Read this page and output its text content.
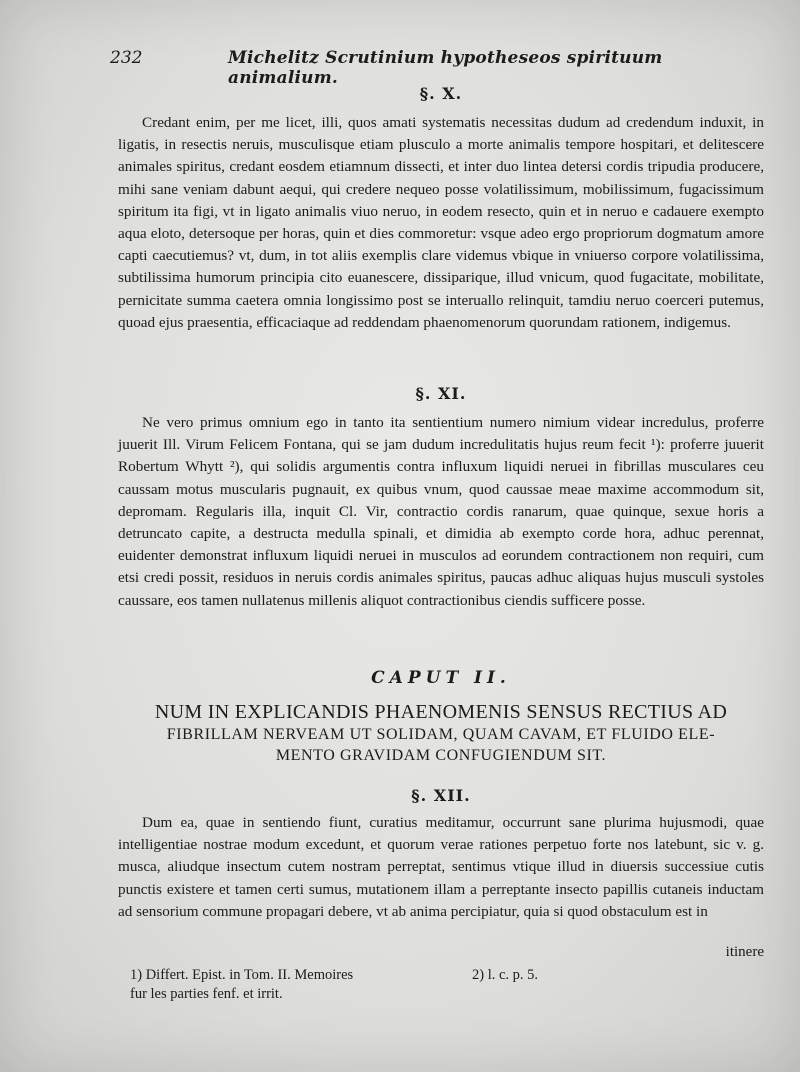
232	Michelitz Scrutinium hypotheseos spirituum animalium.

§. X.

Credant enim, per me licet, illi, quos amati systematis necessitas dudum ad credendum induxit, in ligatis, in resectis neruis, musculisque etiam plusculo a morte animalis tempore hospitari, et delitescere animales spiritus, credant eosdem etiamnum dissecti, et inter duo lintea detersi cordis tripudia producere, mihi sane veniam dabunt aequi, qui credere nequeo posse volatilissimum, mobilissimum, fugacissimum spiritum ita figi, vt in ligato animalis viuo neruo, in eodem resecto, quin et in neruo e cadauere exempto aqua eloto, detersoque per horas, quin et dies commoretur: vsque adeo ergo propriorum dogmatum amore capti caecutiemus? vt, dum, in tot aliis exemplis clare videmus vbique in vniuerso corpore volatilissima, subtilissima humorum principia cito euanescere, dissiparique, illud vnicum, quod fugacitate, mobilitate, pernicitate summa caetera omnia longissimo post se interuallo relinquit, tamdiu neruo coerceri putemus, quoad ejus praesentia, efficaciaque ad reddendam phaenomenorum quorundam rationem, indigemus.

§. XI.

Ne vero primus omnium ego in tanto ita sentientium numero nimium videar incredulus, proferre juuerit Ill. Virum Felicem Fontana, qui se jam dudum incredulitatis hujus reum fecit ¹): proferre juuerit Robertum Whytt ²), qui solidis argumentis contra influxum liquidi neruei in fibrillas musculares ceu caussam motus muscularis pugnauit, ex quibus vnum, quod caussae meae maxime accommodum sit, depromam. Regularis illa, inquit Cl. Vir, contractio cordis ranarum, quae quinque, sexue horis a detruncato capite, a destructa medulla spinali, et dimidia ab exempto corde hora, adhuc perennat, euidenter demonstrat influxum liquidi neruei in musculos ad eorundem contractionem non requiri, cum etsi credi possit, residuos in neruis cordis animales spiritus, paucas adhuc aliquas hujus musculi systoles caussare, eos tamen nullatenus millenis aliquot contractionibus ciendis sufficere posse.

CAPUT II.

NUM IN EXPLICANDIS PHAENOMENIS SENSUS RECTIUS AD

FIBRILLAM NERVEAM UT SOLIDAM, QUAM CAVAM, ET FLUIDO ELE-

MENTO GRAVIDAM CONFUGIENDUM SIT.

§. XII.

Dum ea, quae in sentiendo fiunt, curatius meditamur, occurrunt sane plurima hujusmodi, quae intelligentiae nostrae modum excedunt, et quorum verae rationes perpetuo forte nos latebunt, sic v. g. musca, aliudque insectum cutem nostram perreptat, sentimus vtique illud in diuersis successiue cutis punctis existere et tamen certi sumus, mutationem illam a perreptante insecto papillis cutaneis inductam ad sensorium commune propagari debere, vt ab anima percipiatur, quia si quod obstaculum est in

itinere
1) Differt. Epist. in Tom. II. Memoires
fur les parties fenf. et irrit.
2) l. c. p. 5.
